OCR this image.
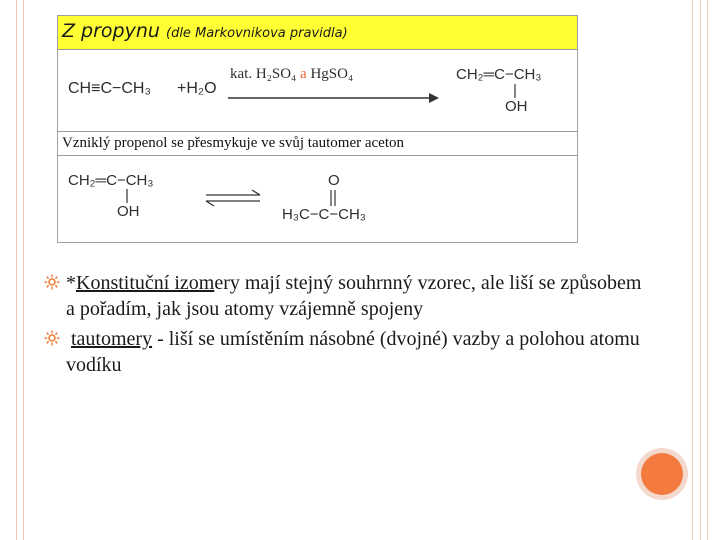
Z propynu (dle Markovnikova pravidla)
CH≡C−CH₃ +H₂O
kat. H₂SO₄ a HgSO₄	CH₂═C−CH₃
OH
Vzniklý propenol se přesmykuje ve svůj tautomer aceton
CH₂═C−CH₃
OH
O
H₃C−C−CH₃
*Konstituční izomery mají stejný souhrnný vzorec, ale liší se způsobem a pořadím, jak jsou atomy vzájemně spojeny
tautomery - liší se umístěním násobné (dvojné) vazby a polohou atomu vodíku
